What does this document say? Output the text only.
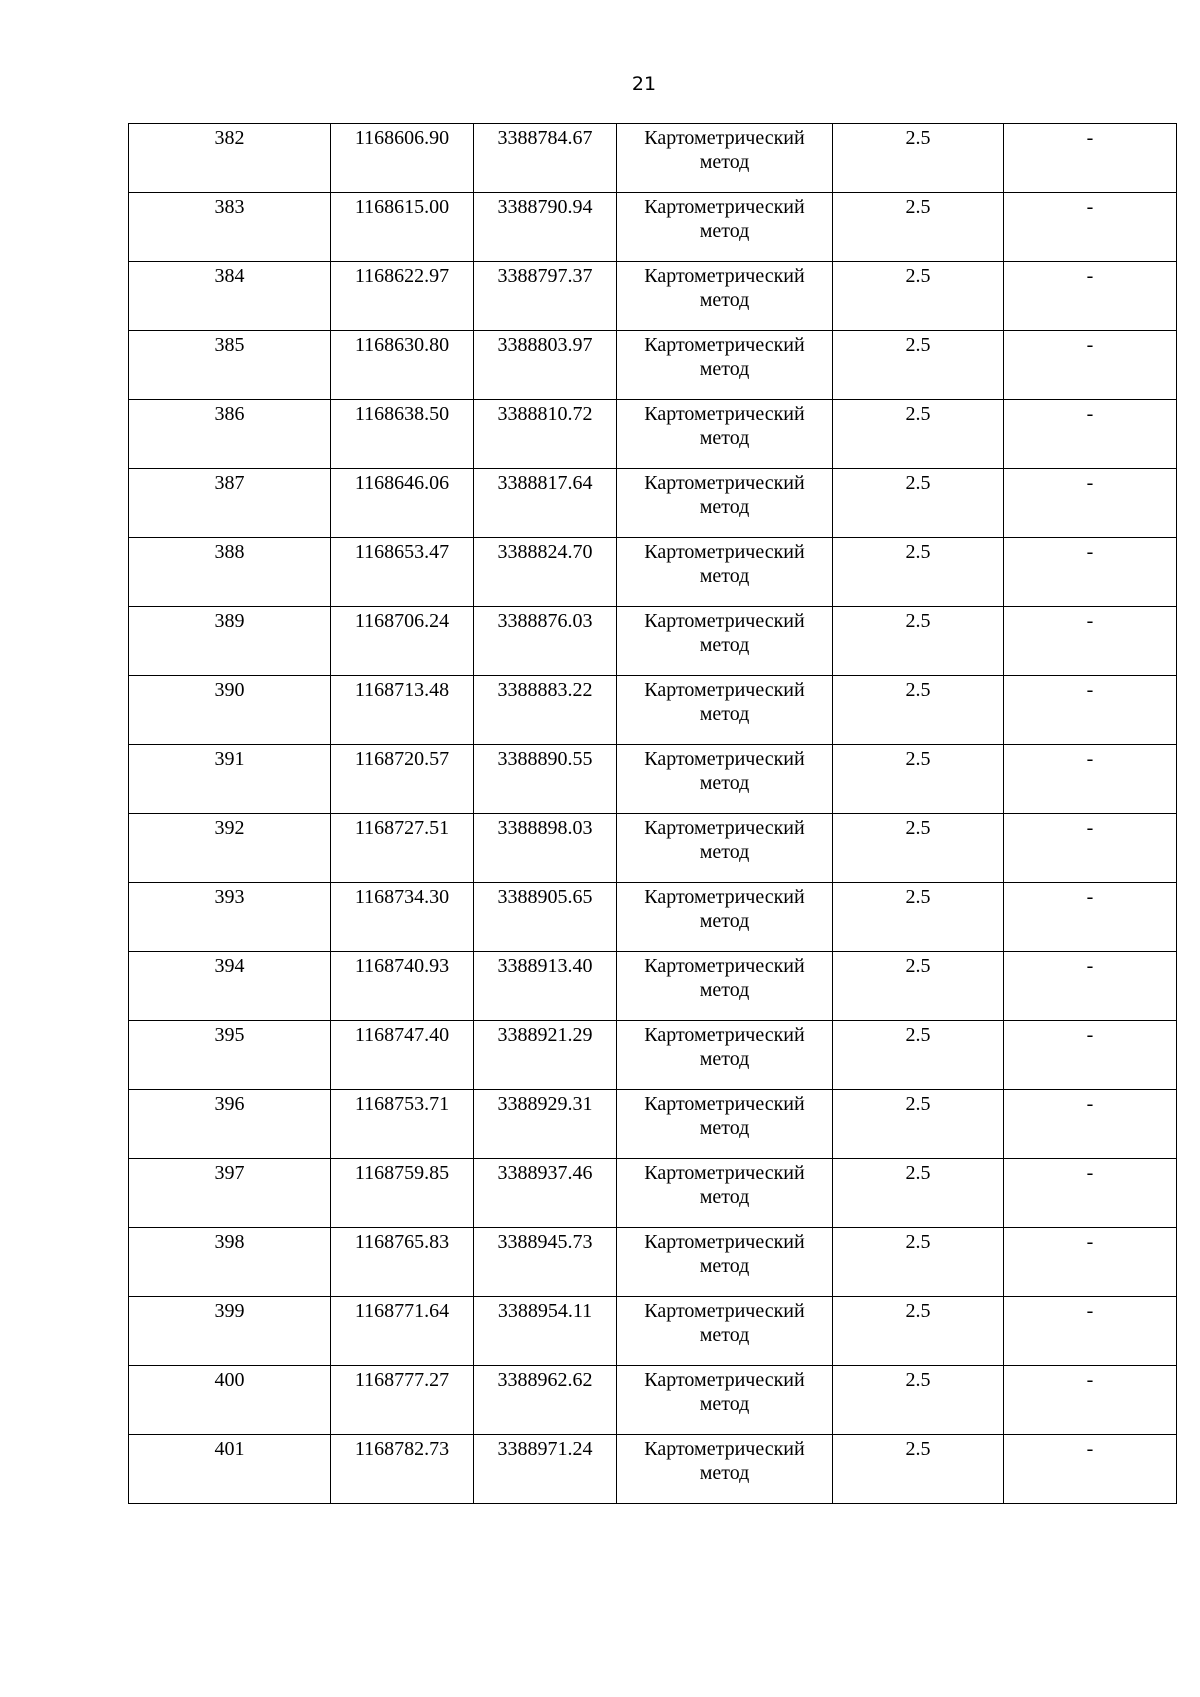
21
382	1168606.90	3388784.67	Картометрический метод	2.5	-

383	1168615.00	3388790.94	Картометрический метод	2.5	-

384	1168622.97	3388797.37	Картометрический метод	2.5	-

385	1168630.80	3388803.97	Картометрический метод	2.5	-

386	1168638.50	3388810.72	Картометрический метод	2.5	-

387	1168646.06	3388817.64	Картометрический метод	2.5	-

388	1168653.47	3388824.70	Картометрический метод	2.5	-

389	1168706.24	3388876.03	Картометрический метод	2.5	-

390	1168713.48	3388883.22	Картометрический метод	2.5	-

391	1168720.57	3388890.55	Картометрический метод	2.5	-

392	1168727.51	3388898.03	Картометрический метод	2.5	-

393	1168734.30	3388905.65	Картометрический метод	2.5	-

394	1168740.93	3388913.40	Картометрический метод	2.5	-

395	1168747.40	3388921.29	Картометрический метод	2.5	-

396	1168753.71	3388929.31	Картометрический метод	2.5	-

397	1168759.85	3388937.46	Картометрический метод	2.5	-

398	1168765.83	3388945.73	Картометрический метод	2.5	-

399	1168771.64	3388954.11	Картометрический метод	2.5	-

400	1168777.27	3388962.62	Картометрический метод	2.5	-

401	1168782.73	3388971.24	Картометрический метод	2.5	-
